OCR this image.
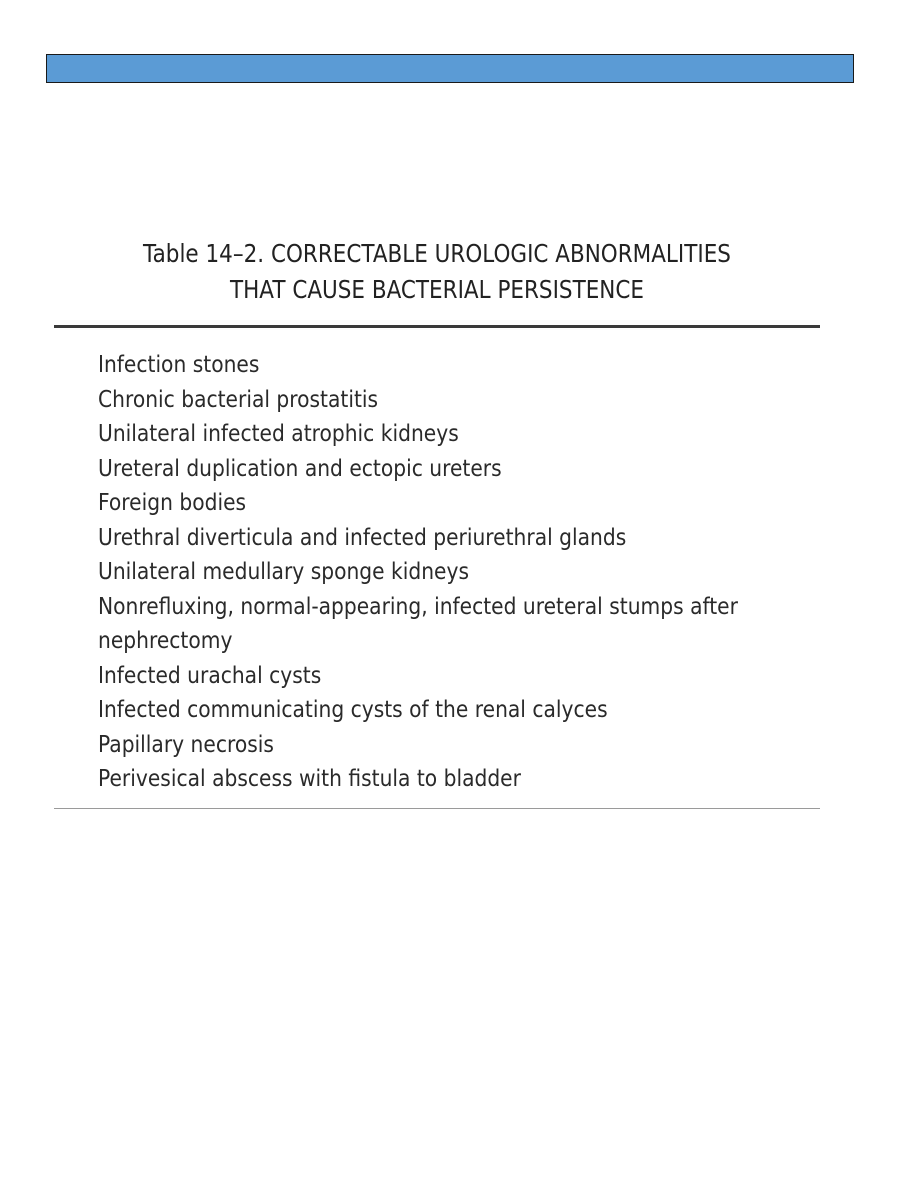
Table 14–2. CORRECTABLE UROLOGIC ABNORMALITIES
THAT CAUSE BACTERIAL PERSISTENCE
Infection stones
Chronic bacterial prostatitis
Unilateral infected atrophic kidneys
Ureteral duplication and ectopic ureters
Foreign bodies
Urethral diverticula and infected periurethral glands
Unilateral medullary sponge kidneys
Nonrefluxing, normal-appearing, infected ureteral stumps after
nephrectomy
Infected urachal cysts
Infected communicating cysts of the renal calyces
Papillary necrosis
Perivesical abscess with fistula to bladder
